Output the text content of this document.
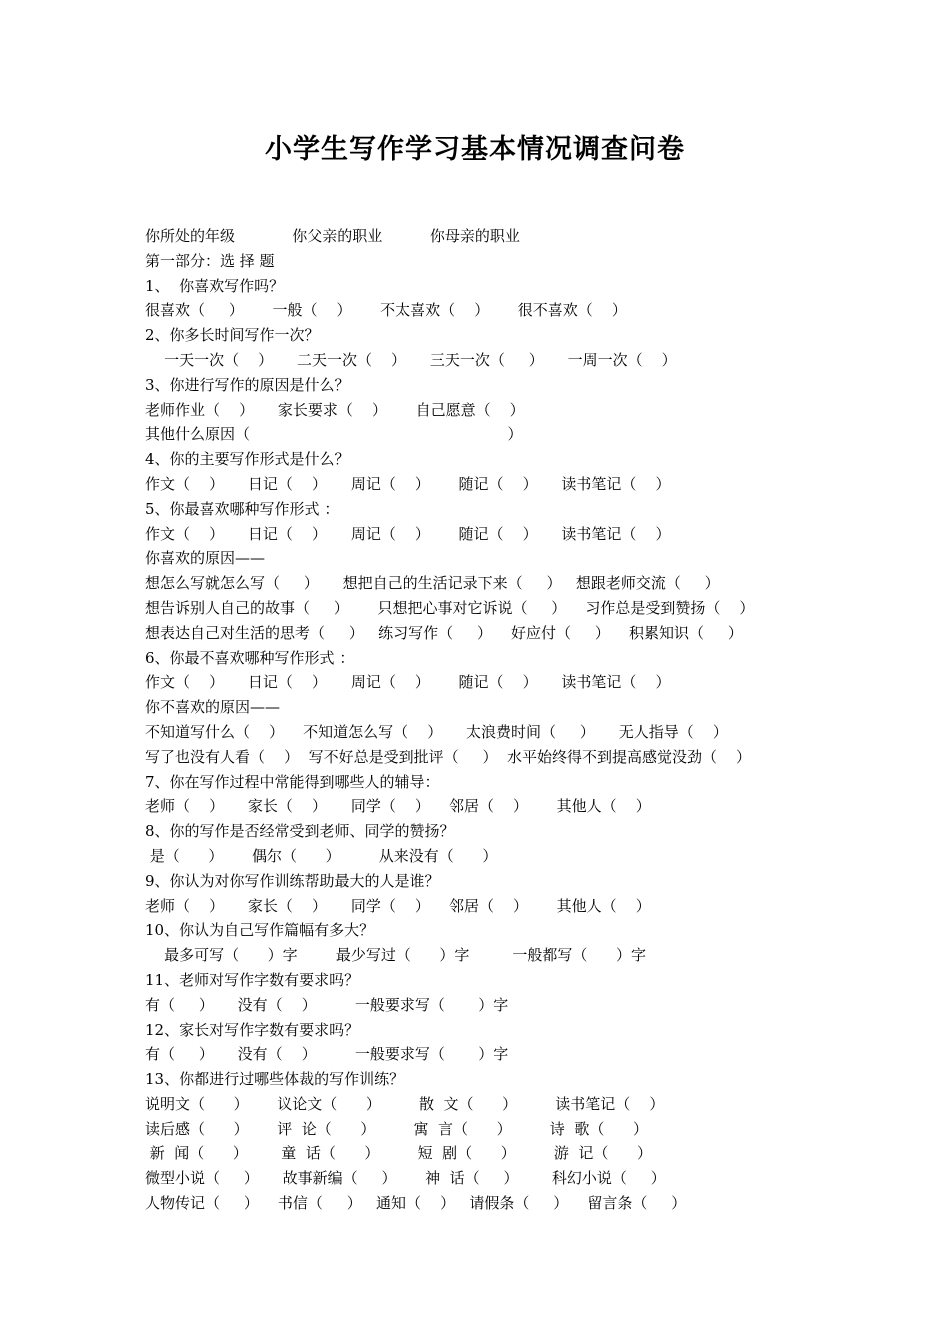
小学生写作学习基本情况调查问卷
你所处的年级            你父亲的职业          你母亲的职业
第一部分：选 择 题
1、  你喜欢写作吗？
很喜欢（     ）      一般（    ）      不太喜欢（    ）      很不喜欢（    ）
2、你多长时间写作一次？
一天一次（    ）     二天一次（    ）     三天一次（     ）     一周一次（    ）
3、你进行写作的原因是什么？
老师作业（    ）     家长要求（    ）      自己愿意（    ）
其他什么原因（                                                      ）
4、你的主要写作形式是什么？
作文（    ）     日记（    ）     周记（    ）      随记（    ）     读书笔记（    ）
5、你最喜欢哪种写作形式 ：
作文（    ）     日记（    ）     周记（    ）      随记（    ）     读书笔记（    ）
你喜欢的原因——
想怎么写就怎么写（     ）     想把自己的生活记录下来（     ）   想跟老师交流（     ）
想告诉别人自己的故事（     ）      只想把心事对它诉说（     ）    习作总是受到赞扬（    ）
想表达自己对生活的思考（     ）   练习写作（     ）    好应付（     ）    积累知识（     ）
6、你最不喜欢哪种写作形式 ：
作文（    ）     日记（    ）     周记（    ）      随记（    ）     读书笔记（    ）
你不喜欢的原因——
不知道写什么（    ）    不知道怎么写（    ）     太浪费时间（     ）     无人指导（    ）
写了也没有人看（    ）  写不好总是受到批评（     ）  水平始终得不到提高感觉没劲（    ）
7、你在写作过程中常能得到哪些人的辅导：
老师（    ）     家长（    ）     同学（    ）    邻居（    ）      其他人（    ）
8、你的写作是否经常受到老师、同学的赞扬？
是（      ）      偶尔（      ）        从来没有（      ）
9、你认为对你写作训练帮助最大的人是谁？
老师（    ）     家长（    ）     同学（    ）    邻居（    ）      其他人（    ）
10、你认为自己写作篇幅有多大？
最多可写（      ）字        最少写过（      ）字         一般都写（      ）字
11、老师对写作字数有要求吗？
有（     ）     没有（    ）        一般要求写（       ）字
12、家长对写作字数有要求吗？
有（     ）     没有（    ）        一般要求写（       ）字
13、你都进行过哪些体裁的写作训练？
说明文（      ）      议论文（      ）        散  文（      ）        读书笔记（    ）
读后感（      ）      评  论（      ）        寓  言（      ）        诗  歌（      ）
新  闻（      ）       童  话（      ）        短  剧（      ）        游  记（      ）
微型小说（     ）     故事新编（     ）      神  话（     ）       科幻小说（     ）
人物传记（     ）    书信（     ）   通知（    ）   请假条（     ）    留言条（     ）
